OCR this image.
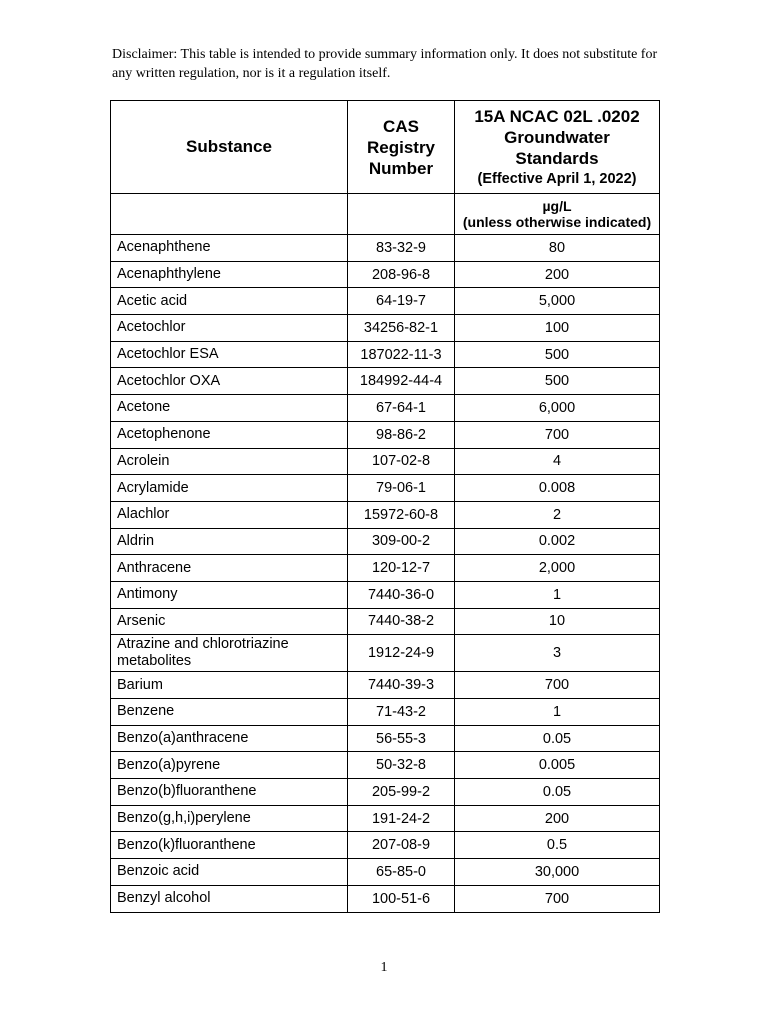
Disclaimer: This table is intended to provide summary information only. It does not substitute for any written regulation, nor is it a regulation itself.
Substance	CAS Registry Number	15A NCAC 02L .0202 Groundwater Standards
(Effective April 1, 2022)

		µg/L
(unless otherwise indicated)

Acenaphthene	83-32-9	80
Acenaphthylene	208-96-8	200
Acetic acid	64-19-7	5,000
Acetochlor	34256-82-1	100
Acetochlor ESA	187022-11-3	500
Acetochlor OXA	184992-44-4	500
Acetone	67-64-1	6,000
Acetophenone	98-86-2	700
Acrolein	107-02-8	4
Acrylamide	79-06-1	0.008
Alachlor	15972-60-8	2
Aldrin	309-00-2	0.002
Anthracene	120-12-7	2,000
Antimony	7440-36-0	1
Arsenic	7440-38-2	10
Atrazine and chlorotriazine metabolites	1912-24-9	3
Barium	7440-39-3	700
Benzene	71-43-2	1
Benzo(a)anthracene	56-55-3	0.05
Benzo(a)pyrene	50-32-8	0.005
Benzo(b)fluoranthene	205-99-2	0.05
Benzo(g,h,i)perylene	191-24-2	200
Benzo(k)fluoranthene	207-08-9	0.5
Benzoic acid	65-85-0	30,000
Benzyl alcohol	100-51-6	700
1
